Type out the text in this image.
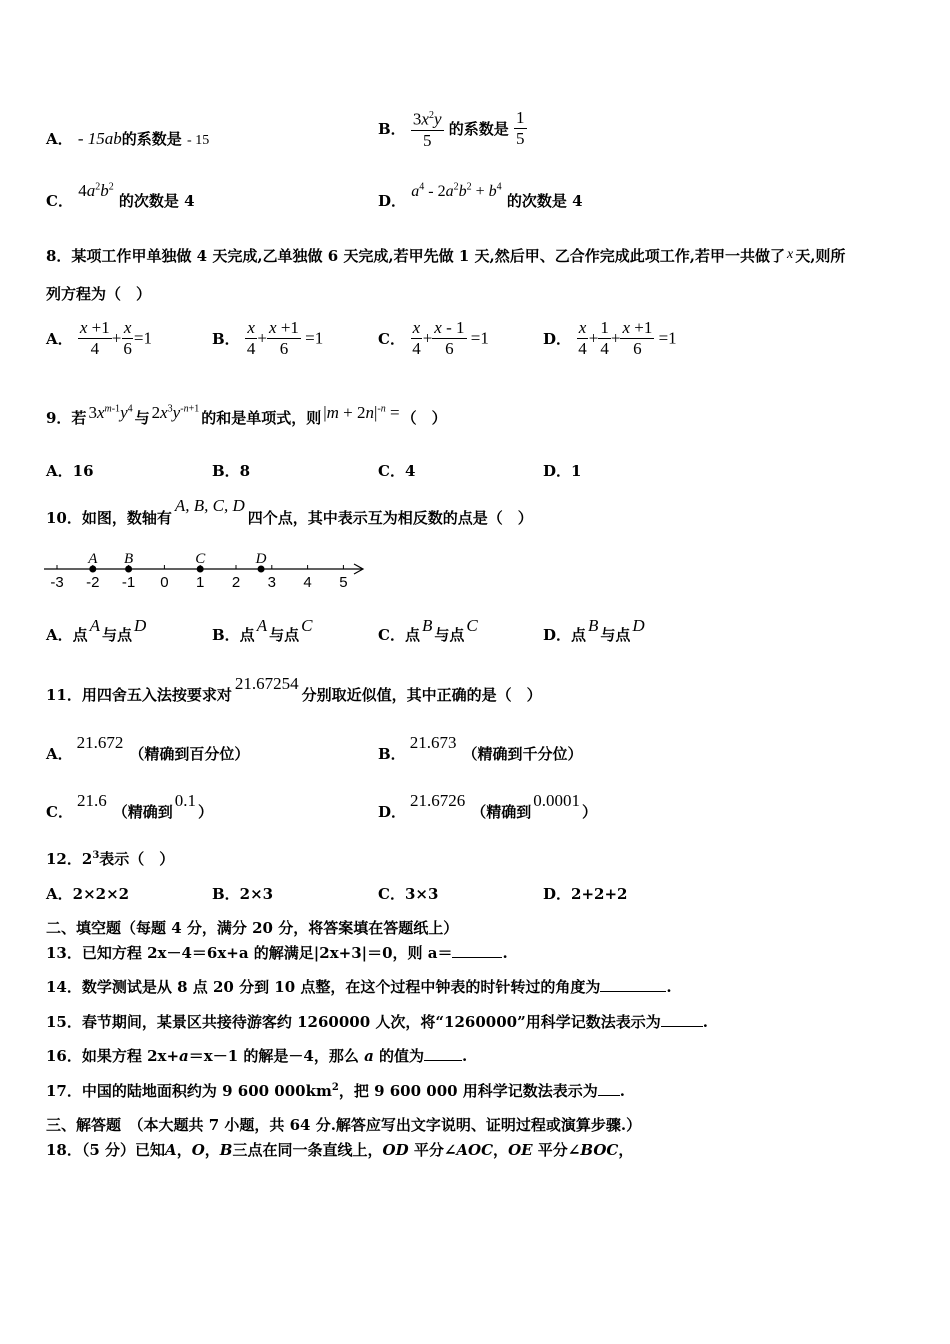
A． - 15ab的系数是 - 15
B． $\frac{3x^2y}{5}$ 的系数是 $\frac{1}{5}$
C． $4a^2b^2$ 的次数是 4	D． $a^4 - 2a^2b^2 + b^4$ 的次数是 4
8．某项工作甲单独做 4 天完成,乙单独做 6 天完成,若甲先做 1 天,然后甲、乙合作完成此项工作,若甲一共做了 x 天,则所
列方程为（　）
A． $\frac{x +1}{4} + \frac{x}{6} =1$	B． $\frac{x}{4} + \frac{x +1}{6} =1$	C． $\frac{x}{4} + \frac{x - 1}{6} =1$	D． $\frac{x}{4} + \frac{1}{4} + \frac{x +1}{6} =1$
9．若 $3x^{m-1}y^4$与 $2x^3y^{-n+1}$的和是单项式，则 $|m + 2n|^{-n}$ = （　）
A．16	B．8	C．4	D．1
10．如图，数轴有A, B, C, D四个点，其中表示互为相反数的点是（　）
-3 -2 -1 0 1 2 3 4 5
A B	C	D
A．点 A 与点 D	B．点 A 与点 C	C．点 B 与点 C	D．点 B 与点 D
11．用四舍五入法按要求对21.67254分别取近似值，其中正确的是（　）
A．21.672（精确到百分位）	B．21.673（精确到千分位）
C．21.6（精确到0.1）	D．21.6726（精确到0.0001）
12．$2^3$表示（　）
A．2×2×2	B．2×3	C．3×3	D．2+2+2
二、填空题（每题 4 分，满分 20 分，将答案填在答题纸上）
13．已知方程 2x－4＝6x+a 的解满足|2x+3|＝0，则 a＝	.
14．数学测试是从 8 点 20 分到 10 点整，在这个过程中钟表的时针转过的角度为	.
15．春节期间，某景区共接待游客约 1260000 人次，将“1260000”用科学记数法表示为	.
16．如果方程 2x+a＝x－1 的解是－4，那么 a 的值为	.
17．中国的陆地面积约为 9 600 $000km^2$，把 9 600 000 用科学记数法表示为 .
三、解答题　（本大题共 7 小题，共 64 分.解答应写出文字说明、证明过程或演算步骤.）
18．（5 分）已知A，O，B三点在同一条直线上，OD 平分∠AOC，OE 平分∠BOC，
